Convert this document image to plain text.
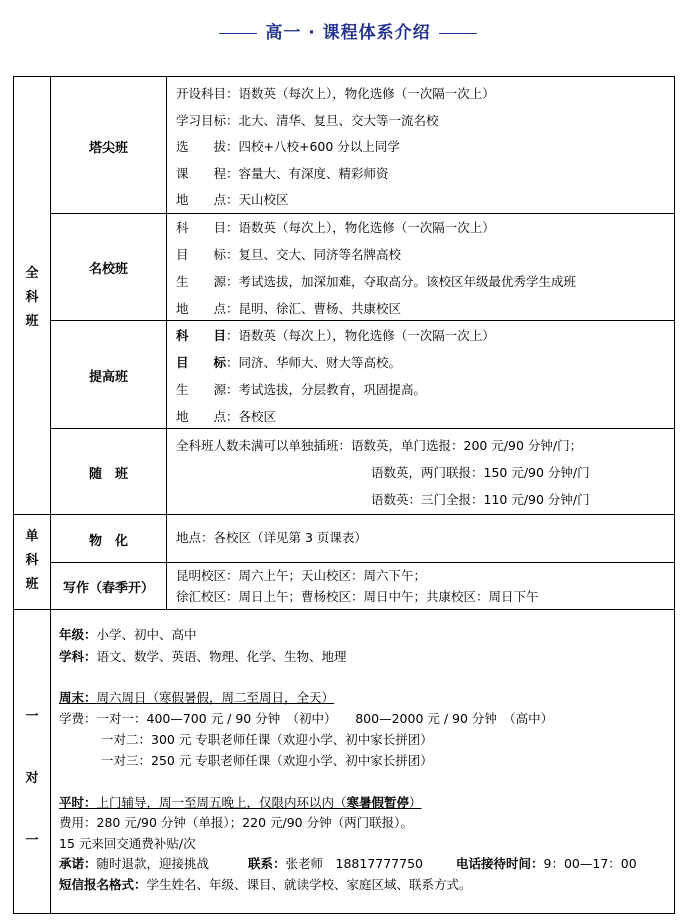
高一 · 课程体系介绍
全
科
班
塔尖班
开设科目：语数英（每次上），物化选修（一次隔一次上）
学习目标：北大、清华、复旦、交大等一流名校
选　　拔：四校+八校+600 分以上同学
课　　程：容量大、有深度、精彩师资
地　　点：天山校区
名校班
科　　目：语数英（每次上），物化选修（一次隔一次上）
目　　标：复旦、交大、同济等名牌高校
生　　源：考试选拔，加深加难，夺取高分。该校区年级最优秀学生成班
地　　点：昆明、徐汇、曹杨、共康校区
提高班
科　　目：语数英（每次上），物化选修（一次隔一次上）
目　　标：同济、华师大、财大等高校。
生　　源：考试选拔，分层教育，巩固提高。
地　　点：各校区
随　班
全科班人数未满可以单独插班：语数英，单门选报：200 元/90 分钟/门；
语数英，两门联报：150 元/90 分钟/门
语数英：三门全报：110 元/90 分钟/门
单
科
班
物　化	地点：各校区（详见第 3 页课表）
写作（春季开）
昆明校区：周六上午；天山校区：周六下午；
徐汇校区：周日上午；曹杨校区：周日中午；共康校区：周日下午
一
对
一
年级：小学、初中、高中
学科：语文、数学、英语、物理、化学、生物、地理
周末：周六周日（寒假暑假，周二至周日，全天）
学费：一对一：400—700 元 / 90 分钟　（初中）　　800—2000 元 / 90 分钟　（高中）
一对二：300 元 专职老师任课（欢迎小学、初中家长拼团）
一对三：250 元 专职老师任课（欢迎小学、初中家长拼团）
平时：上门辅导，周一至周五晚上，仅限内环以内（寒暑假暂停）
费用：280 元/90 分钟（单报）；220 元/90 分钟（两门联报）。
15 元来回交通费补贴/次
承诺：随时退款，迎接挑战	联系：张老师　18817777750	电话接待时间：9：00—17：00
短信报名格式：学生姓名、年级、课目、就读学校、家庭区域、联系方式。
